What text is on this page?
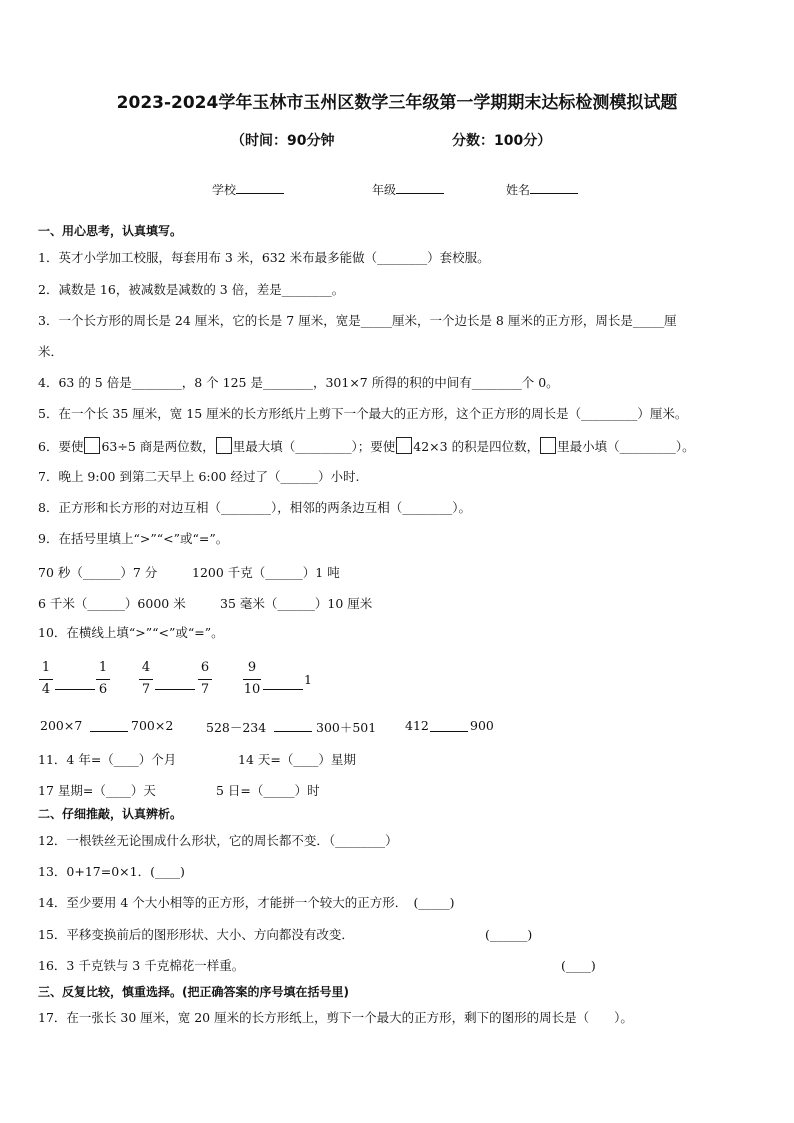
2023-2024学年玉林市玉州区数学三年级第一学期期末达标检测模拟试题
（时间：90分钟	分数：100分）
学校	年级	姓名
一、用心思考，认真填写。
1．英才小学加工校服，每套用布 3 米，632 米布最多能做（________）套校服。
2．减数是 16，被减数是减数的 3 倍，差是________。
3．一个长方形的周长是 24 厘米，它的长是 7 厘米，宽是_____厘米，一个边长是 8 厘米的正方形，周长是_____厘
米．
4．63 的 5 倍是________，8 个 125 是________，301×7 所得的积的中间有________个 0。
5．在一个长 35 厘米，宽 15 厘米的长方形纸片上剪下一个最大的正方形，这个正方形的周长是（_________）厘米。
6．要使 63÷5 商是两位数， 里最大填（_________）；要使 42×3 的积是四位数， 里最小填（_________）。
7．晚上 9:00 到第二天早上 6:00 经过了（______）小时.
8．正方形和长方形的对边互相（________），相邻的两条边互相（________）。
9．在括号里填上“>”“<”或“=”。
70 秒（______）7 分	1200 千克（______）1 吨
6 千米（______）6000 米	35 毫米（______）10 厘米
10．在横线上填“>”“<”或“=”。
1
4
1
6
4
7
6
7
9
10
1
200×7	700×2	528－234	300＋501 412	900
11．4 年=（____）个月	14 天=（____）星期
17 星期=（____）天	5 日=（_____）时
二、仔细推敲，认真辨析。
12．一根铁丝无论围成什么形状，它的周长都不变．（________）
13．0+17=0×1．(____)
14．至少要用 4 个大小相等的正方形，才能拼一个较大的正方形．　(_____)
15．平移变换前后的图形形状、大小、方向都没有改变．	(______)
16．3 千克铁与 3 千克棉花一样重。	(____)
三、反复比较，慎重选择。(把正确答案的序号填在括号里)
17．在一张长 30 厘米，宽 20 厘米的长方形纸上，剪下一个最大的正方形，剩下的图形的周长是（　　）。
